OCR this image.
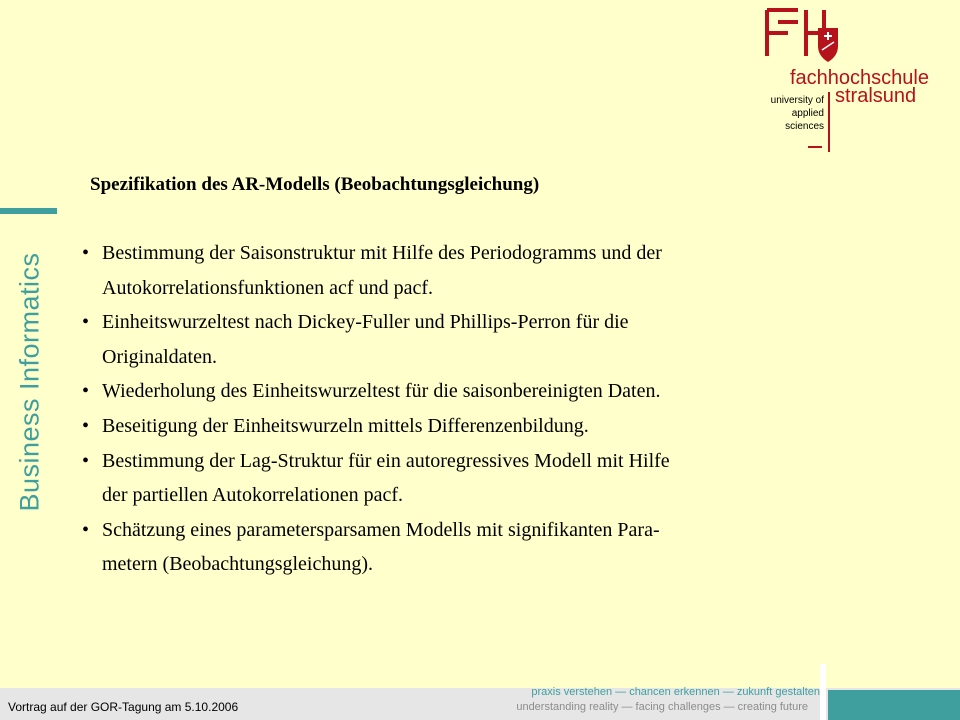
Business Informatics
fachhochschule
stralsund
university of
applied
sciences
Spezifikation des AR-Modells (Beobachtungsgleichung)
• Bestimmung der Saisonstruktur mit Hilfe des Periodogramms und der
Autokorrelationsfunktionen acf und pacf.
• Einheitswurzeltest nach Dickey-Fuller und Phillips-Perron für die
Originaldaten.
• Wiederholung des Einheitswurzeltest für die saisonbereinigten Daten.
• Beseitigung der Einheitswurzeln mittels Differenzenbildung.
• Bestimmung der Lag-Struktur für ein autoregressives Modell mit Hilfe
der partiellen Autokorrelationen pacf.
• Schätzung eines parametersparsamen Modells mit signifikanten Para-
metern (Beobachtungsgleichung).
Vortrag auf der GOR-Tagung am 5.10.2006
praxis verstehen — chancen erkennen — zukunft gestalten
understanding reality — facing challenges — creating future
